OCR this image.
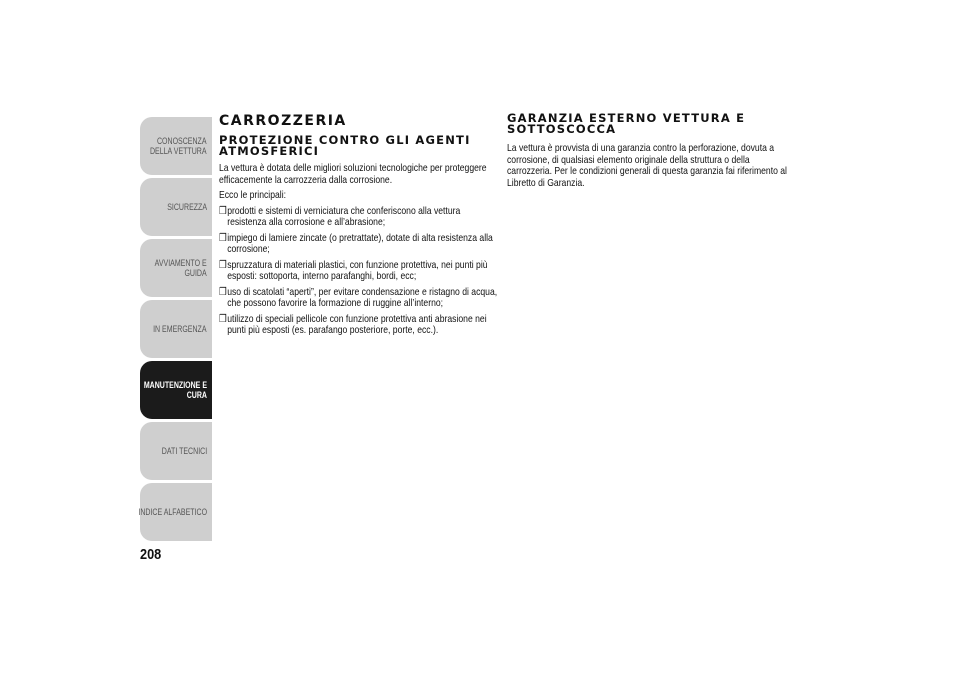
CONOSCENZA
DELLA VETTURA
SICUREZZA
AVVIAMENTO E
GUIDA
IN EMERGENZA
MANUTENZIONE E
CURA
DATI TECNICI
INDICE ALFABETICO
208
CARROZZERIA
PROTEZIONE CONTRO GLI AGENTI ATMOSFERICI

La vettura è dotata delle migliori soluzioni tecnologiche per proteggere efficacemente la carrozzeria dalla corrosione.

Ecco le principali:

❒ prodotti e sistemi di verniciatura che conferiscono alla vettura resistenza alla corrosione e all’abrasione;
❒ impiego di lamiere zincate (o pretrattate), dotate di alta resistenza alla corrosione;
❒ spruzzatura di materiali plastici, con funzione protettiva, nei punti più esposti: sottoporta, interno parafanghi, bordi, ecc;
❒ uso di scatolati “aperti”, per evitare condensazione e ristagno di acqua, che possono favorire la formazione di ruggine all’interno;
❒ utilizzo di speciali pellicole con funzione protettiva anti abrasione nei punti più esposti (es. parafango posteriore, porte, ecc.).
GARANZIA ESTERNO VETTURA E SOTTOSCOCCA

La vettura è provvista di una garanzia contro la perforazione, dovuta a corrosione, di qualsiasi elemento originale della struttura o della carrozzeria. Per le condizioni generali di questa garanzia fai riferimento al Libretto di Garanzia.
